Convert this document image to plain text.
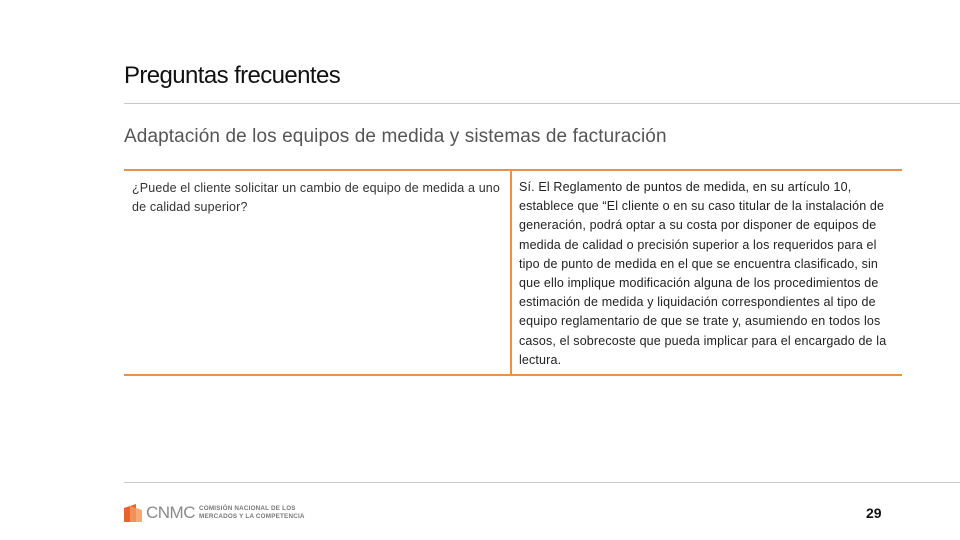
Preguntas frecuentes
Adaptación de los equipos de medida y sistemas de facturación
¿Puede el cliente solicitar un cambio de equipo de medida a uno de calidad superior?
Sí. El Reglamento de puntos de medida, en su artículo 10, establece que “El cliente o en su caso titular de la instalación de generación, podrá optar a su costa por disponer de equipos de medida de calidad o precisión superior a los requeridos para el tipo de punto de medida en el que se encuentra clasificado, sin que ello implique modificación alguna de los procedimientos de estimación de medida y liquidación correspondientes al tipo de equipo reglamentario de que se trate y, asumiendo en todos los casos, el sobrecoste que pueda implicar para el encargado de la lectura.
CNMC COMISIÓN NACIONAL DE LOS
MERCADOS Y LA COMPETENCIA	29
